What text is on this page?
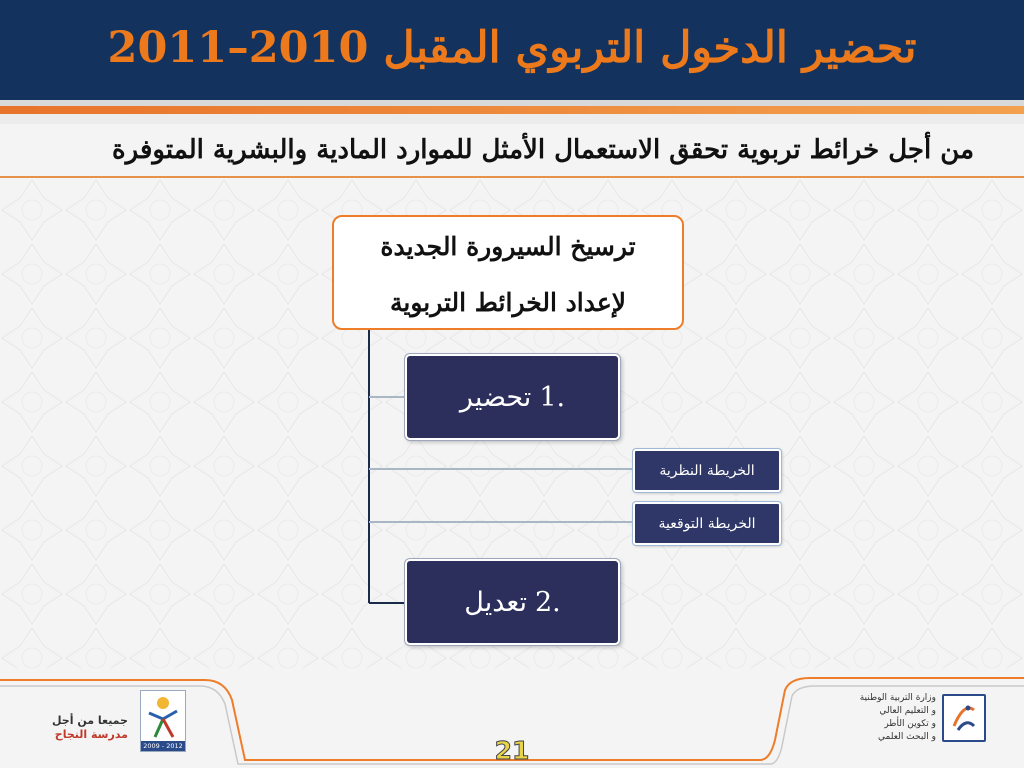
تحضير الدخول التربوي المقبل 2010–2011
من أجل خرائط تربوية تحقق الاستعمال الأمثل للموارد المادية والبشرية المتوفرة
ترسيخ السيرورة الجديدة
لإعداد الخرائط التربوية
1.
تحضير
الخريطة النظرية
الخريطة التوقعية
2.
تعديل
جميعا من أجل
مدرسة النجاح
2009 - 2012
وزارة التربية الوطنية
و التعليم العالي
و تكوين الأطر
و البحث العلمي
21
